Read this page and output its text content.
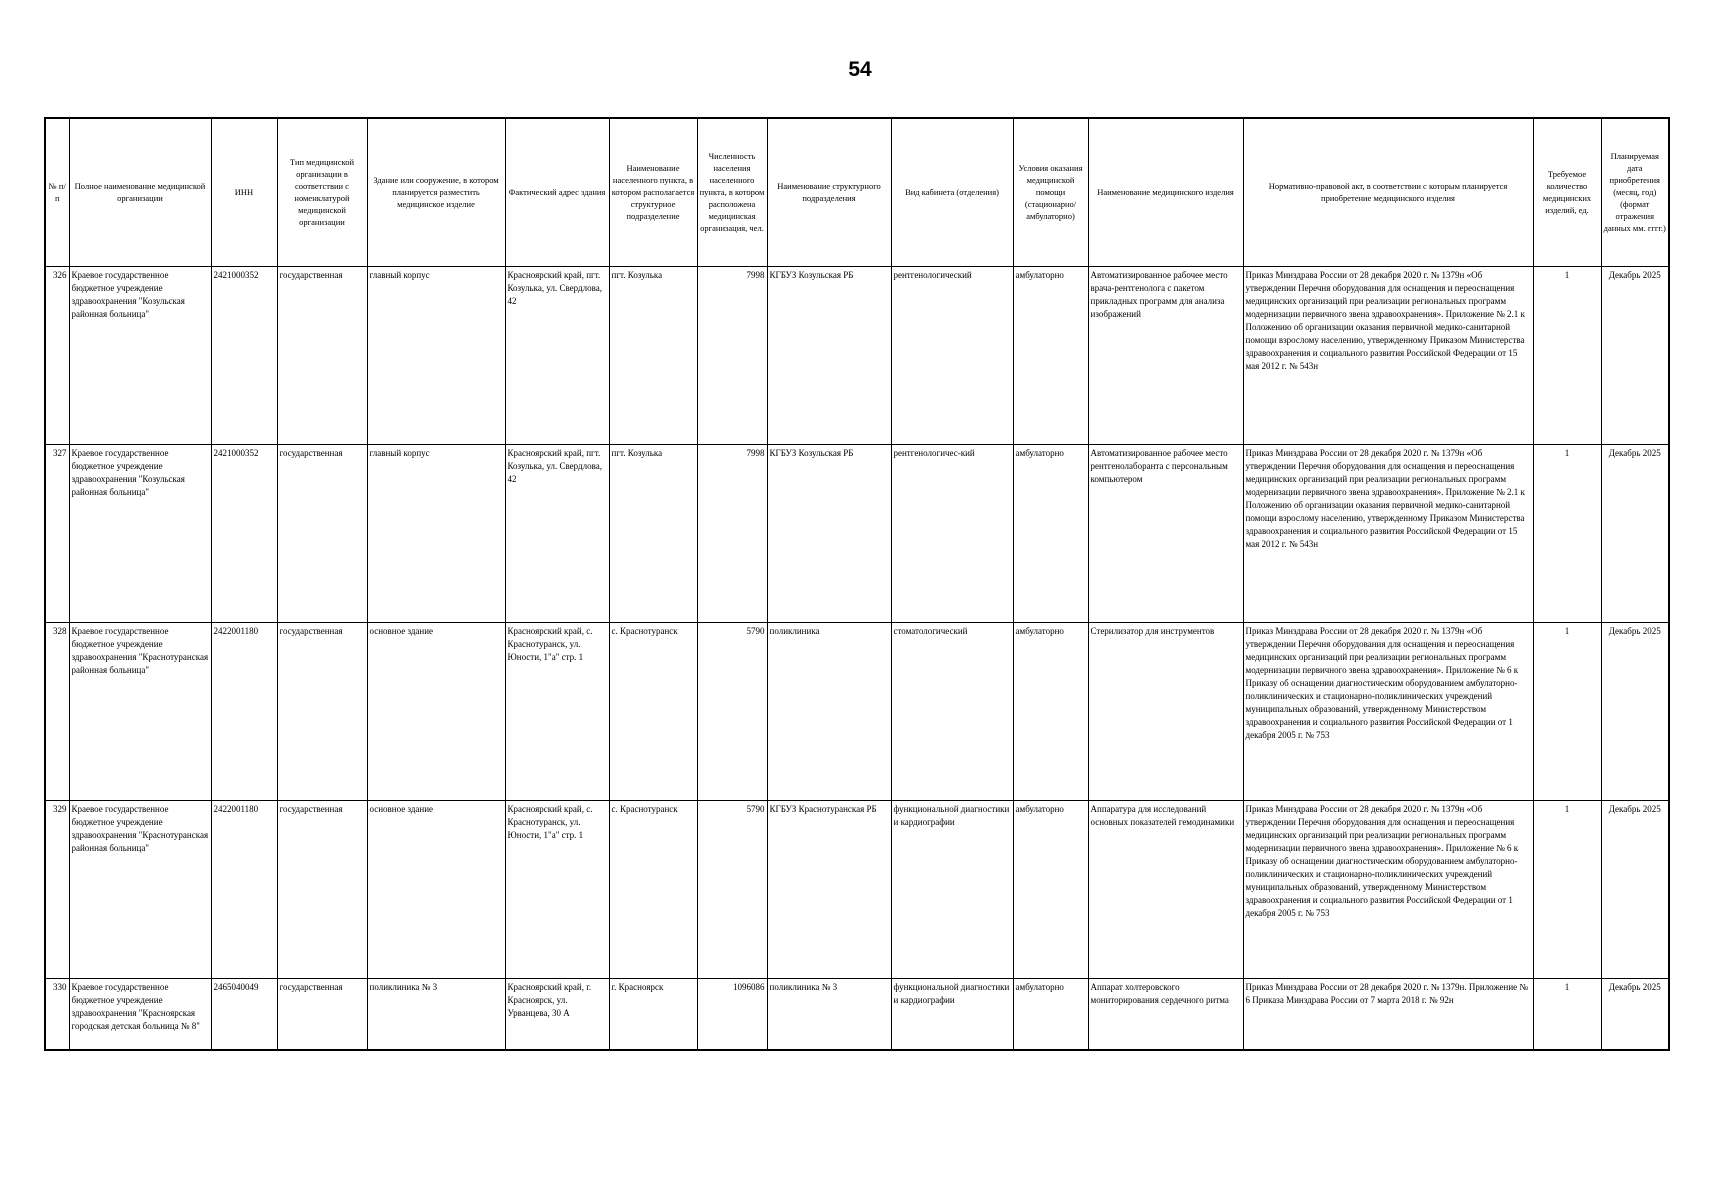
54
№ п/п	Полное наименование медицинской организации	ИНН	Тип медицинской организации в соответствии с номенклатурой медицинской организации	Здание или сооружение, в котором планируется разместить медицинское изделие	Фактический адрес здания	Наименование населенного пункта, в котором располагается структурное подразделение	Численность населения населенного пункта, в котором расположена медицинская организация, чел.	Наименование структурного подразделения	Вид кабинета (отделения)	Условия оказания медицинской помощи (стационарно/ амбулаторно)	Наименование медицинского изделия	Нормативно-правовой акт, в соответствии с которым планируется приобретение медицинского изделия	Требуемое количество медицинских изделий, ед.	Планируемая дата приобретения (месяц, год) (формат отражения данных мм. гггг.)
326	Краевое государственное бюджетное учреждение здравоохранения "Козульская районная больница"	2421000352	государственная	главный корпус	Красноярский край, пгт. Козулька, ул. Свердлова, 42	пгт. Козулька	7998	КГБУЗ Козульская РБ	рентгенологический	амбулаторно	Автоматизированное рабочее место врача-рентгенолога с пакетом прикладных программ для анализа изображений	Приказ Минздрава России от 28 декабря 2020 г. № 1379н «Об утверждении Перечня оборудования для оснащения и переоснащения медицинских организаций при реализации региональных программ модернизации первичного звена здравоохранения». Приложение № 2.1 к Положению об организации оказания первичной медико-санитарной помощи взрослому населению, утвержденному Приказом Министерства здравоохранения и социального развития Российской Федерации от 15 мая 2012 г. № 543н	1	Декабрь 2025
327	Краевое государственное бюджетное учреждение здравоохранения "Козульская районная больница"	2421000352	государственная	главный корпус	Красноярский край, пгт. Козулька, ул. Свердлова, 42	пгт. Козулька	7998	КГБУЗ Козульская РБ	рентгенологичес-кий	амбулаторно	Автоматизированное рабочее место рентгенолаборанта с персональным компьютером	Приказ Минздрава России от 28 декабря 2020 г. № 1379н «Об утверждении Перечня оборудования для оснащения и переоснащения медицинских организаций при реализации региональных программ модернизации первичного звена здравоохранения». Приложение № 2.1 к Положению об организации оказания первичной медико-санитарной помощи взрослому населению, утвержденному Приказом Министерства здравоохранения и социального развития Российской Федерации от 15 мая 2012 г. № 543н	1	Декабрь 2025
328	Краевое государственное бюджетное учреждение здравоохранения "Краснотуранская районная больница"	2422001180	государственная	основное здание	Красноярский край, с. Краснотуранск, ул. Юности, 1"а" стр. 1	с. Краснотуранск	5790	поликлиника	стоматологический	амбулаторно	Стерилизатор для инструментов	Приказ Минздрава России от 28 декабря 2020 г. № 1379н «Об утверждении Перечня оборудования для оснащения и переоснащения медицинских организаций при реализации региональных программ модернизации первичного звена здравоохранения». Приложение № 6 к Приказу об оснащении диагностическим оборудованием амбулаторно-поликлинических и стационарно-поликлинических учреждений муниципальных образований, утвержденному Министерством здравоохранения и социального развития Российской Федерации от 1 декабря 2005 г. № 753	1	Декабрь 2025
329	Краевое государственное бюджетное учреждение здравоохранения "Краснотуранская районная больница"	2422001180	государственная	основное здание	Красноярский край, с. Краснотуранск, ул. Юности, 1"а" стр. 1	с. Краснотуранск	5790	КГБУЗ Краснотуранская РБ	функциональной диагностики и кардиографии	амбулаторно	Аппаратура для исследований основных показателей гемодинамики	Приказ Минздрава России от 28 декабря 2020 г. № 1379н «Об утверждении Перечня оборудования для оснащения и переоснащения медицинских организаций при реализации региональных программ модернизации первичного звена здравоохранения». Приложение № 6 к Приказу об оснащении диагностическим оборудованием амбулаторно-поликлинических и стационарно-поликлинических учреждений муниципальных образований, утвержденному Министерством здравоохранения и социального развития Российской Федерации от 1 декабря 2005 г. № 753	1	Декабрь 2025
330	Краевое государственное бюджетное учреждение здравоохранения "Красноярская городская детская больница № 8"	2465040049	государственная	поликлиника № 3	Красноярский край, г. Красноярск, ул. Урванцева, 30 А	г. Красноярск	1096086	поликлиника № 3	функциональной диагностики и кардиографии	амбулаторно	Аппарат холтеровского мониторирования сердечного ритма	Приказ Минздрава России от 28 декабря 2020 г. № 1379н. Приложение № 6 Приказа Минздрава России от 7 марта 2018 г. № 92н	1	Декабрь 2025
